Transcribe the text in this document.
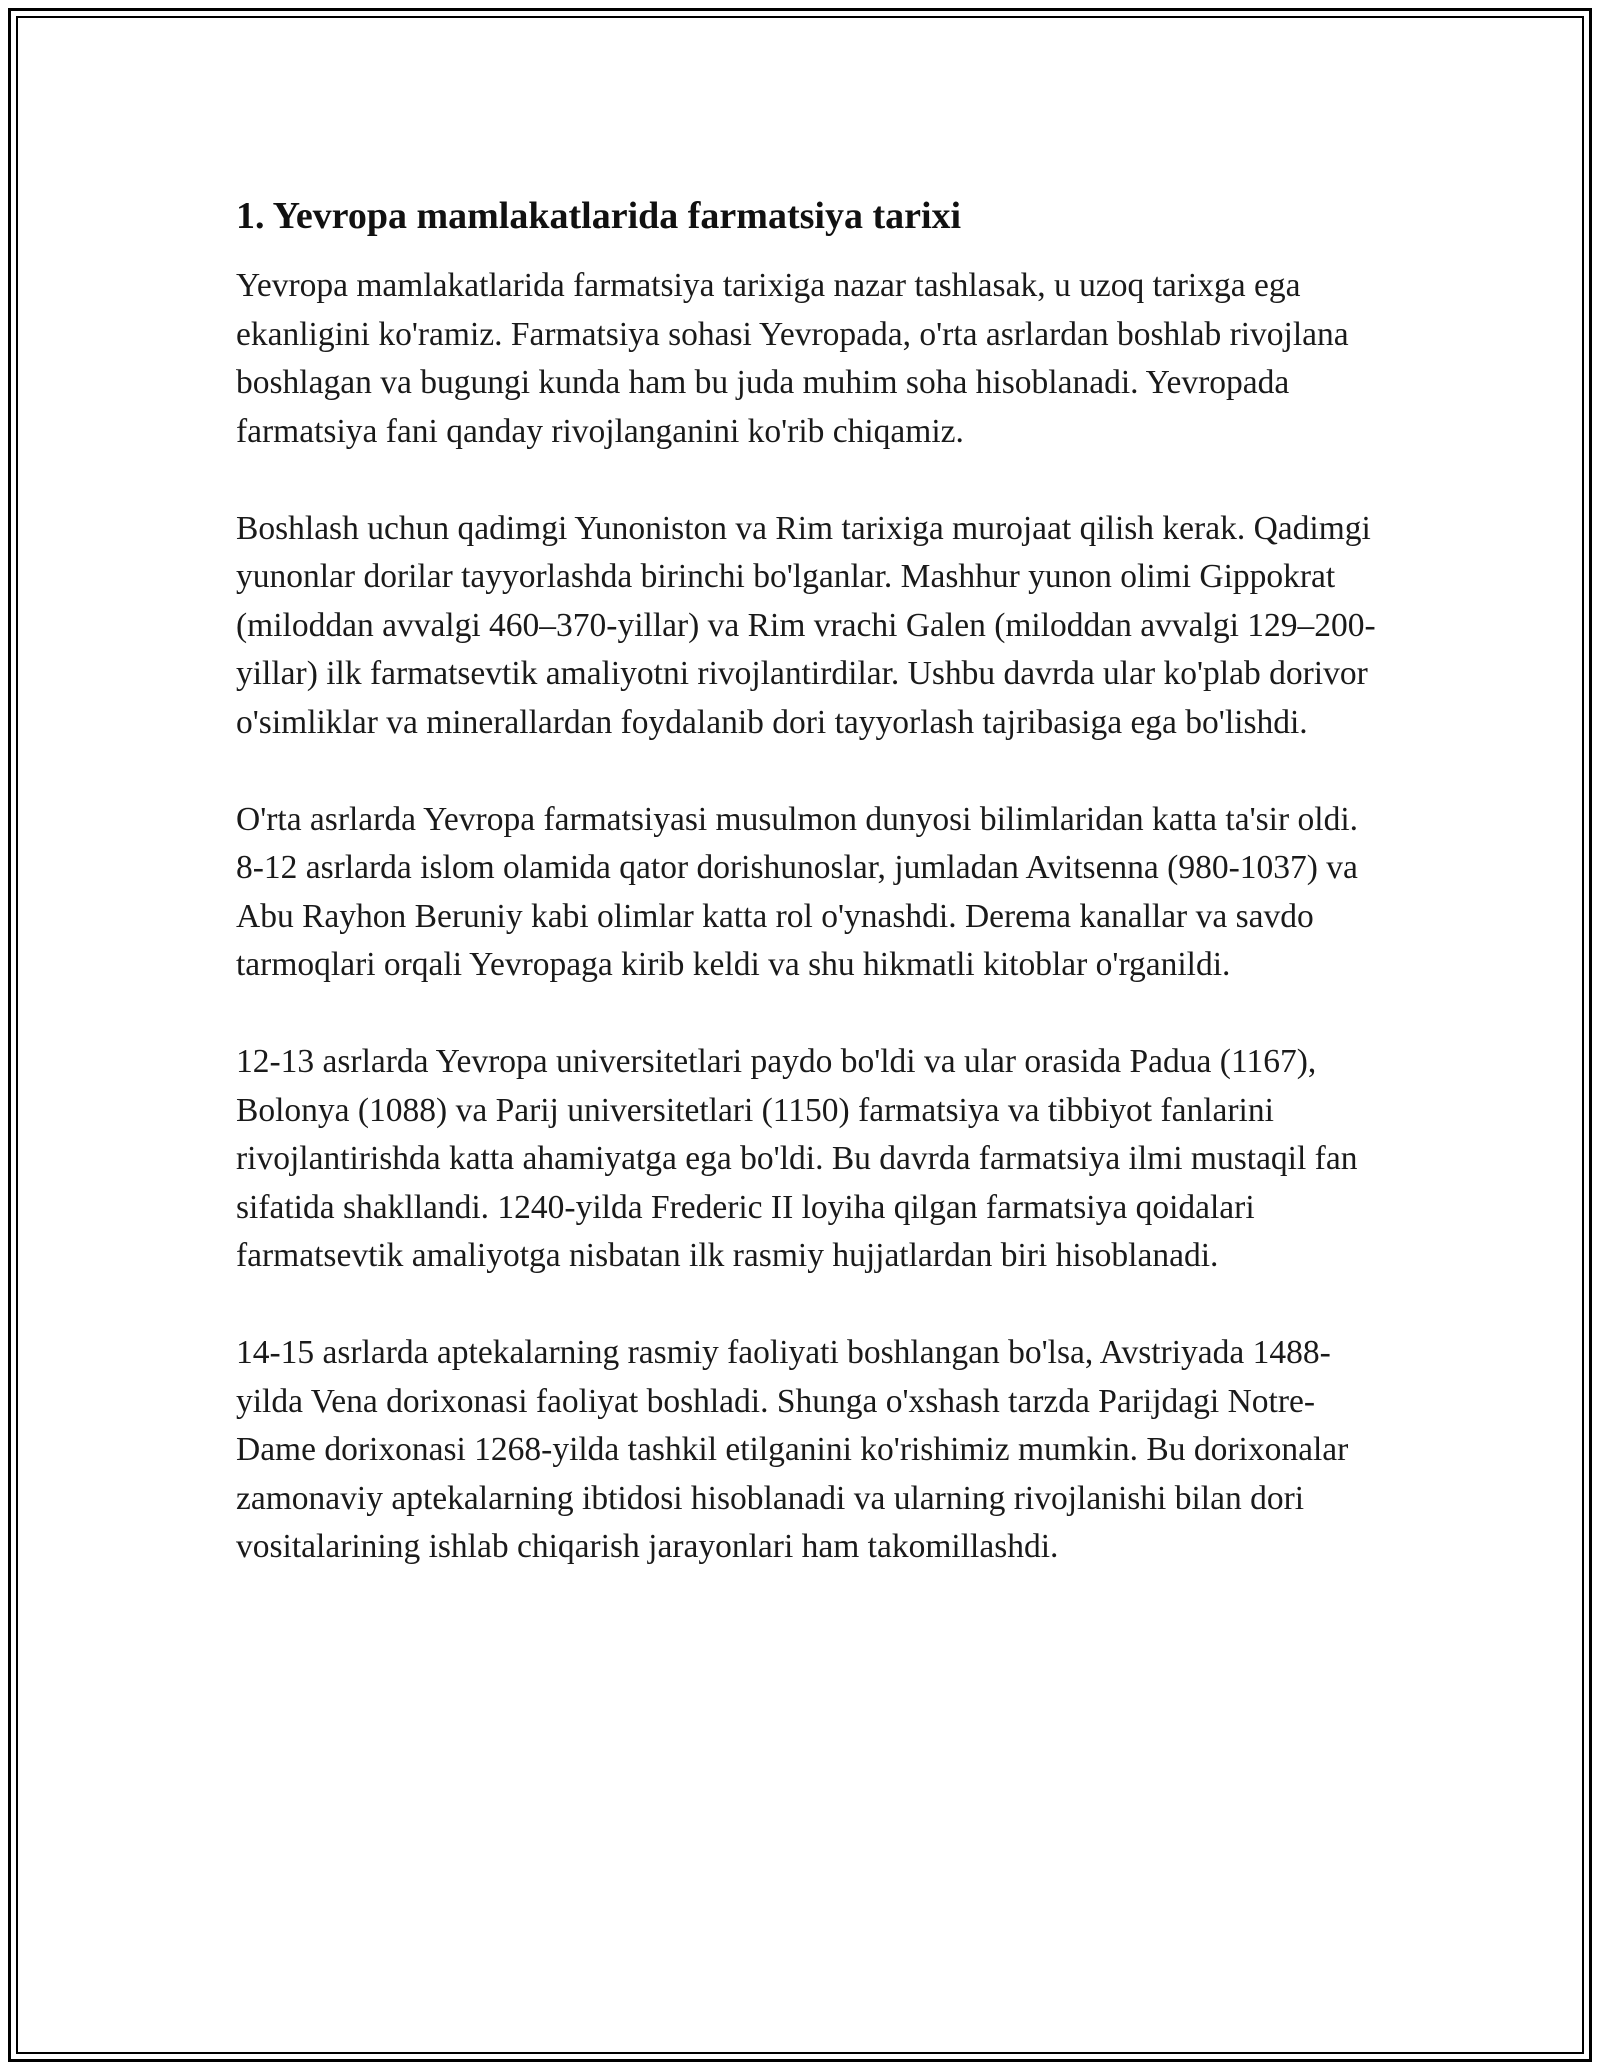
1. Yevropa mamlakatlarida farmatsiya tarixi

Yevropa mamlakatlarida farmatsiya tarixiga nazar tashlasak, u uzoq tarixga ega ekanligini ko'ramiz. Farmatsiya sohasi Yevropada, o'rta asrlardan boshlab rivojlana boshlagan va bugungi kunda ham bu juda muhim soha hisoblanadi. Yevropada farmatsiya fani qanday rivojlanganini ko'rib chiqamiz.

Boshlash uchun qadimgi Yunoniston va Rim tarixiga murojaat qilish kerak. Qadimgi yunonlar dorilar tayyorlashda birinchi bo'lganlar. Mashhur yunon olimi Gippokrat (miloddan avvalgi 460–370-yillar) va Rim vrachi Galen (miloddan avvalgi 129–200-yillar) ilk farmatsevtik amaliyotni rivojlantirdilar. Ushbu davrda ular ko'plab dorivor o'simliklar va minerallardan foydalanib dori tayyorlash tajribasiga ega bo'lishdi.

O'rta asrlarda Yevropa farmatsiyasi musulmon dunyosi bilimlaridan katta ta'sir oldi. 8-12 asrlarda islom olamida qator dorishunoslar, jumladan Avitsenna (980-1037) va Abu Rayhon Beruniy kabi olimlar katta rol o'ynashdi. Derema kanallar va savdo tarmoqlari orqali Yevropaga kirib keldi va shu hikmatli kitoblar o'rganildi.

12-13 asrlarda Yevropa universitetlari paydo bo'ldi va ular orasida Padua (1167), Bolonya (1088) va Parij universitetlari (1150) farmatsiya va tibbiyot fanlarini rivojlantirishda katta ahamiyatga ega bo'ldi. Bu davrda farmatsiya ilmi mustaqil fan sifatida shakllandi. 1240-yilda Frederic II loyiha qilgan farmatsiya qoidalari farmatsevtik amaliyotga nisbatan ilk rasmiy hujjatlardan biri hisoblanadi.

14-15 asrlarda aptekalarning rasmiy faoliyati boshlangan bo'lsa, Avstriyada 1488-yilda Vena dorixonasi faoliyat boshladi. Shunga o'xshash tarzda Parijdagi Notre-Dame dorixonasi 1268-yilda tashkil etilganini ko'rishimiz mumkin. Bu dorixonalar zamonaviy aptekalarning ibtidosi hisoblanadi va ularning rivojlanishi bilan dori vositalarining ishlab chiqarish jarayonlari ham takomillashdi.
